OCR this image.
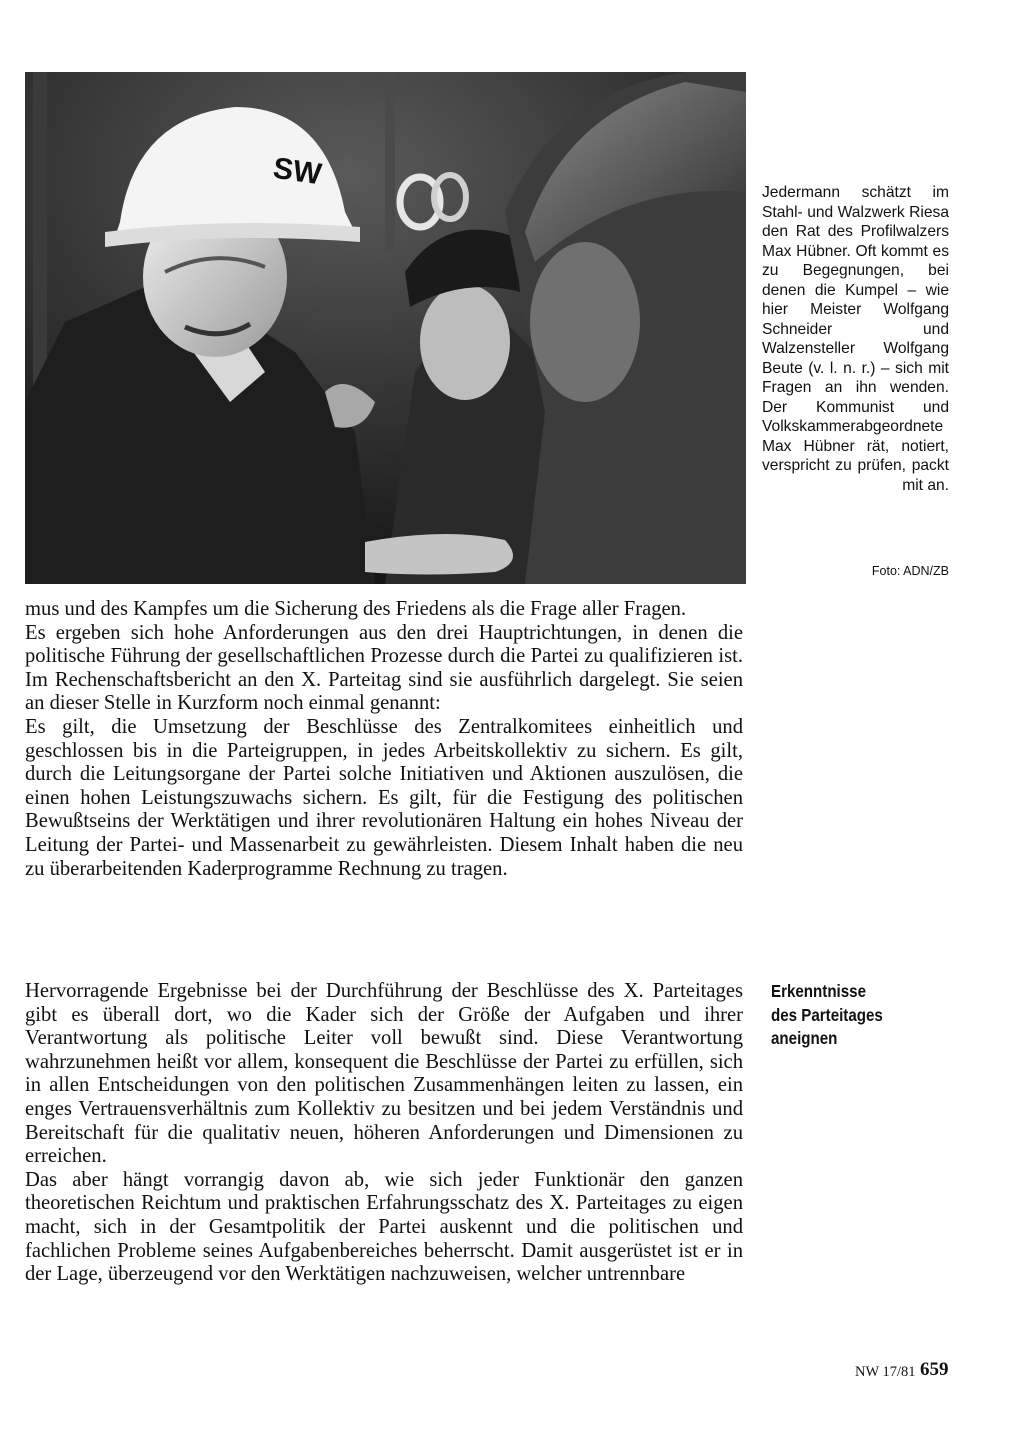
SW
Jedermann schätzt im Stahl- und Walzwerk Riesa den Rat des Profilwalzers Max Hübner. Oft kommt es zu Begegnungen, bei denen die Kumpel – wie hier Meister Wolfgang Schneider und Walzensteller Wolfgang Beute (v. l. n. r.) – sich mit Fragen an ihn wenden. Der Kommunist und Volkskammerabgeordnete Max Hübner rät, notiert, verspricht zu prüfen, packt mit an.
Foto: ADN/ZB

mus und des Kampfes um die Sicherung des Friedens als die Frage aller Fragen.

Es ergeben sich hohe Anforderungen aus den drei Hauptrichtungen, in denen die politische Führung der gesellschaftlichen Prozesse durch die Partei zu qualifizieren ist. Im Rechenschaftsbericht an den X. Parteitag sind sie ausführlich dargelegt. Sie seien an dieser Stelle in Kurzform noch einmal genannt:

Es gilt, die Umsetzung der Beschlüsse des Zentralkomitees einheitlich und geschlossen bis in die Parteigruppen, in jedes Arbeitskollektiv zu sichern. Es gilt, durch die Leitungsorgane der Partei solche Initiativen und Aktionen auszulösen, die einen hohen Leistungszuwachs sichern. Es gilt, für die Festigung des politischen Bewußtseins der Werktätigen und ihrer revolutionären Haltung ein hohes Niveau der Leitung der Partei- und Massenarbeit zu gewährleisten. Diesem Inhalt haben die neu zu überarbeitenden Kaderprogramme Rechnung zu tragen.

Hervorragende Ergebnisse bei der Durchführung der Beschlüsse des X. Parteitages gibt es überall dort, wo die Kader sich der Größe der Aufgaben und ihrer Verantwortung als politische Leiter voll bewußt sind. Diese Verantwortung wahrzunehmen heißt vor allem, konsequent die Beschlüsse der Partei zu erfüllen, sich in allen Entscheidungen von den politischen Zusammenhängen leiten zu lassen, ein enges Vertrauensverhältnis zum Kollektiv zu besitzen und bei jedem Verständnis und Bereitschaft für die qualitativ neuen, höheren Anforderungen und Dimensionen zu erreichen.

Das aber hängt vorrangig davon ab, wie sich jeder Funktionär den ganzen theoretischen Reichtum und praktischen Erfahrungsschatz des X. Parteitages zu eigen macht, sich in der Gesamtpolitik der Partei auskennt und die politischen und fachlichen Probleme seines Aufgabenbereiches beherrscht. Damit ausgerüstet ist er in der Lage, überzeugend vor den Werktätigen nachzuweisen, welcher untrennbare

Erkenntnisse
des Parteitages
aneignen
NW 17/81 659
